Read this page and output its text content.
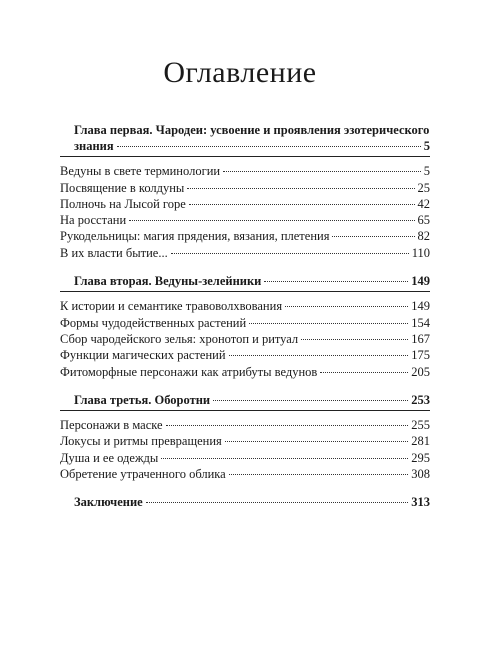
Оглавление
Глава первая. Чародеи: усвоение и проявления эзотерического
знания	5
Ведуны в свете терминологии	5
Посвящение в колдуны	25
Полночь на Лысой горе	42
На росстани	65
Рукодельницы: магия прядения, вязания, плетения	82
В их власти бытие...	110
Глава вторая. Ведуны-зелейники	149
К истории и семантике травоволхвования	149
Формы чудодейственных растений	154
Сбор чародейского зелья: хронотоп и ритуал	167
Функции магических растений	175
Фитоморфные персонажи как атрибуты ведунов	205
Глава третья. Оборотни	253
Персонажи в маске	255
Локусы и ритмы превращения	281
Душа и ее одежды	295
Обретение утраченного облика	308
Заключение	313
